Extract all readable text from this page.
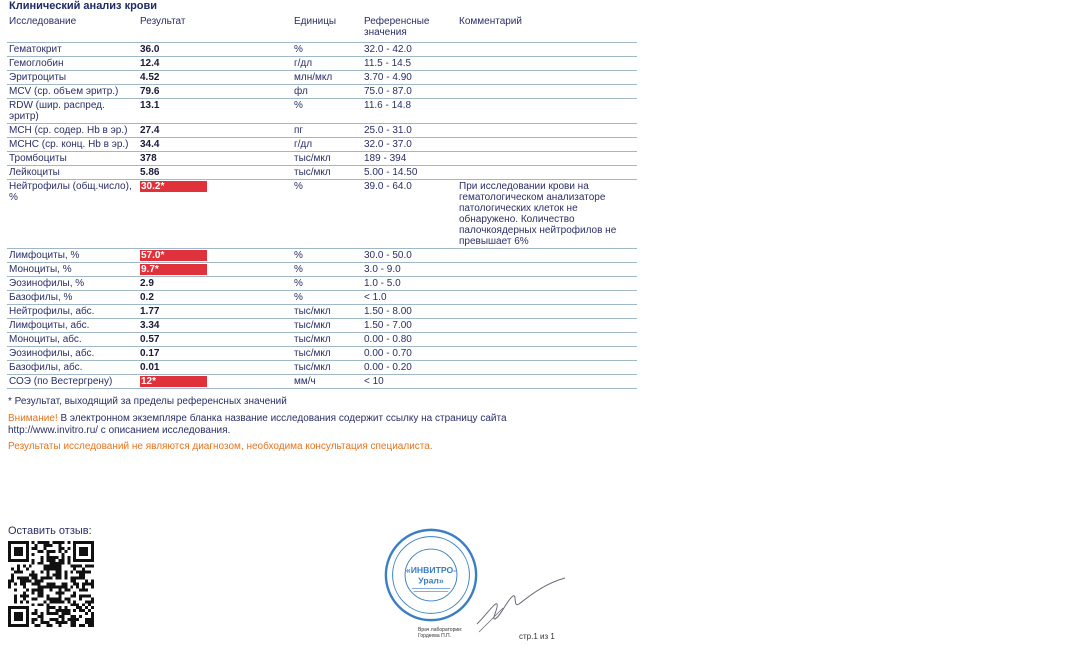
Клинический анализ крови
Исследование	Результат	Единицы	Референсные значения	Комментарий
Гематокрит	36.0	%	32.0 - 42.0	
Гемоглобин	12.4	г/дл	11.5 - 14.5	
Эритроциты	4.52	млн/мкл	3.70 - 4.90	
MCV (ср. объем эритр.)	79.6	фл	75.0 - 87.0	
RDW (шир. распред. эритр)	13.1	%	11.6 - 14.8	
MCH (ср. содер. Hb в эр.)	27.4	пг	25.0 - 31.0	
MCHC (ср. конц. Hb в эр.)	34.4	г/дл	32.0 - 37.0	
Тромбоциты	378	тыс/мкл	189 - 394	
Лейкоциты	5.86	тыс/мкл	5.00 - 14.50	
Нейтрофилы (общ.число), %	30.2*	%	39.0 - 64.0	При исследовании крови на гематологическом анализаторе патологических клеток не обнаружено. Количество палочкоядерных нейтрофилов не превышает 6%
Лимфоциты, %	57.0*	%	30.0 - 50.0	
Моноциты, %	9.7*	%	3.0 - 9.0	
Эозинофилы, %	2.9	%	1.0 - 5.0	
Базофилы, %	0.2	%	< 1.0	
Нейтрофилы, абс.	1.77	тыс/мкл	1.50 - 8.00	
Лимфоциты, абс.	3.34	тыс/мкл	1.50 - 7.00	
Моноциты, абс.	0.57	тыс/мкл	0.00 - 0.80	
Эозинофилы, абс.	0.17	тыс/мкл	0.00 - 0.70	
Базофилы, абс.	0.01	тыс/мкл	0.00 - 0.20	
СОЭ (по Вестергрену)	12*	мм/ч	< 10	
* Результат, выходящий за пределы референсных значений
Внимание! В электронном экземпляре бланка название исследования содержит ссылку на страницу сайта
http://www.invitro.ru/ с описанием исследования.
Результаты исследований не являются диагнозом, необходима консультация специалиста.
Оставить отзыв:
«ИНВИТРО-
Урал»
Врач лаборатории:
Гордеева П.П.	стр.1 из 1
